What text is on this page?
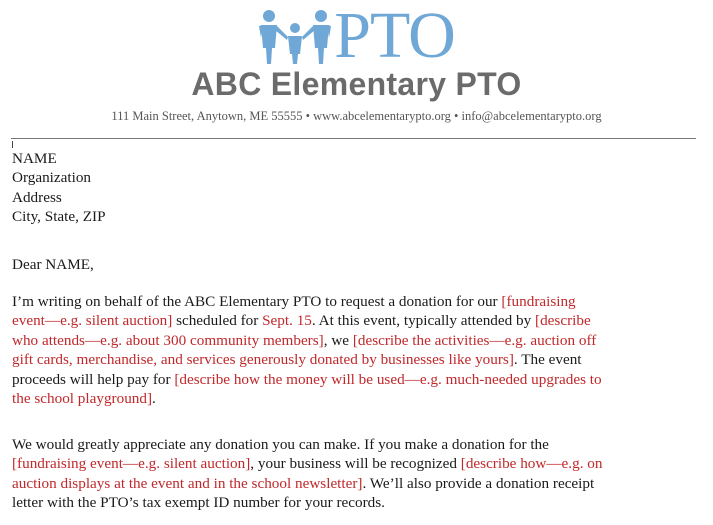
PTO
ABC Elementary PTO
111 Main Street, Anytown, ME 55555 • www.abcelementarypto.org • info@abcelementarypto.org

NAME

Organization

Address

City, State, ZIP

Dear NAME,

I’m writing on behalf of the ABC Elementary PTO to request a donation for our [fundraising

event—e.g. silent auction] scheduled for Sept. 15. At this event, typically attended by [describe

who attends—e.g. about 300 community members], we [describe the activities—e.g. auction off

gift cards, merchandise, and services generously donated by businesses like yours]. The event

proceeds will help pay for [describe how the money will be used—e.g. much-needed upgrades to

the school playground].

We would greatly appreciate any donation you can make. If you make a donation for the

[fundraising event—e.g. silent auction], your business will be recognized [describe how—e.g. on

auction displays at the event and in the school newsletter]. We’ll also provide a donation receipt

letter with the PTO’s tax exempt ID number for your records.
